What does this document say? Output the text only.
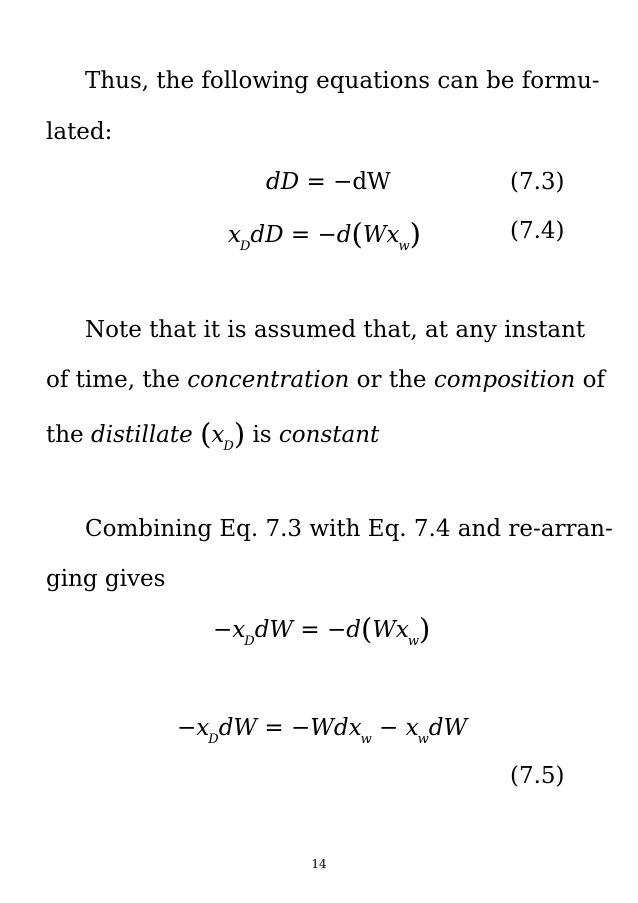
Thus, the following equations can be formu-
lated:
dD = −dW	(7.3)
$x_DdD = -d(Wx_w)$	(7.4)
Note that it is assumed that, at any instant
of time, the concentration or the composition of
the distillate $(x_D)$ is constant
Combining Eq. 7.3 with Eq. 7.4 and re-arran-
ging gives
$-x_DdW = -d(Wx_w)$
$-x_DdW = -Wdx_w - x_wdW$
(7.5)
14
